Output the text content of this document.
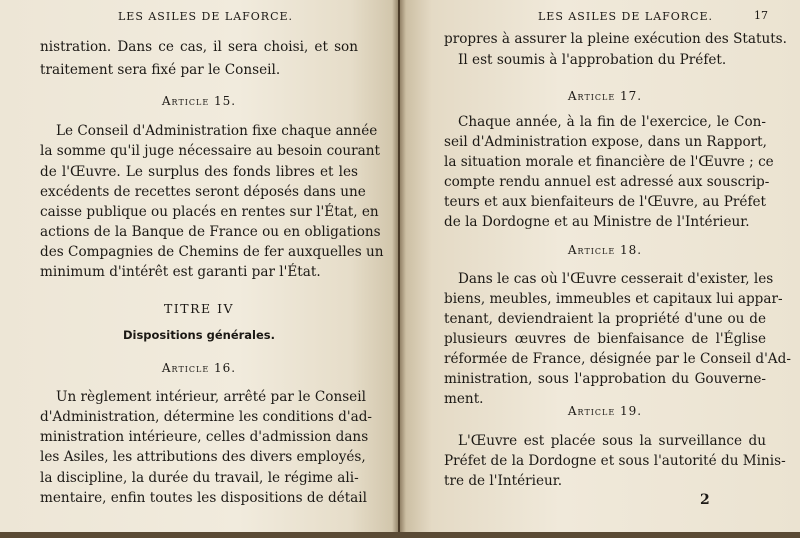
LES ASILES DE LAFORCE.
nistration. Dans ce cas, il sera choisi, et son
traitement sera fixé par le Conseil.
Article 15.
Le Conseil d'Administration fixe chaque année
la somme qu'il juge nécessaire au besoin courant
de l'Œuvre. Le surplus des fonds libres et les
excédents de recettes seront déposés dans une
caisse publique ou placés en rentes sur l'État, en
actions de la Banque de France ou en obligations
des Compagnies de Chemins de fer auxquelles un
minimum d'intérêt est garanti par l'État.
TITRE IV
Dispositions générales.
Article 16.
Un règlement intérieur, arrêté par le Conseil
d'Administration, détermine les conditions d'ad-
ministration intérieure, celles d'admission dans
les Asiles, les attributions des divers employés,
la discipline, la durée du travail, le régime ali-
mentaire, enfin toutes les dispositions de détail
LES ASILES DE LAFORCE.	17
propres à assurer la pleine exécution des Statuts.
Il est soumis à l'approbation du Préfet.
Article 17.
Chaque année, à la fin de l'exercice, le Con-
seil d'Administration expose, dans un Rapport,
la situation morale et financière de l'Œuvre ; ce
compte rendu annuel est adressé aux souscrip-
teurs et aux bienfaiteurs de l'Œuvre, au Préfet
de la Dordogne et au Ministre de l'Intérieur.
Article 18.
Dans le cas où l'Œuvre cesserait d'exister, les
biens, meubles, immeubles et capitaux lui appar-
tenant, deviendraient la propriété d'une ou de
plusieurs œuvres de bienfaisance de l'Église
réformée de France, désignée par le Conseil d'Ad-
ministration, sous l'approbation du Gouverne-
ment.
Article 19.
L'Œuvre est placée sous la surveillance du
Préfet de la Dordogne et sous l'autorité du Minis-
tre de l'Intérieur.
2
